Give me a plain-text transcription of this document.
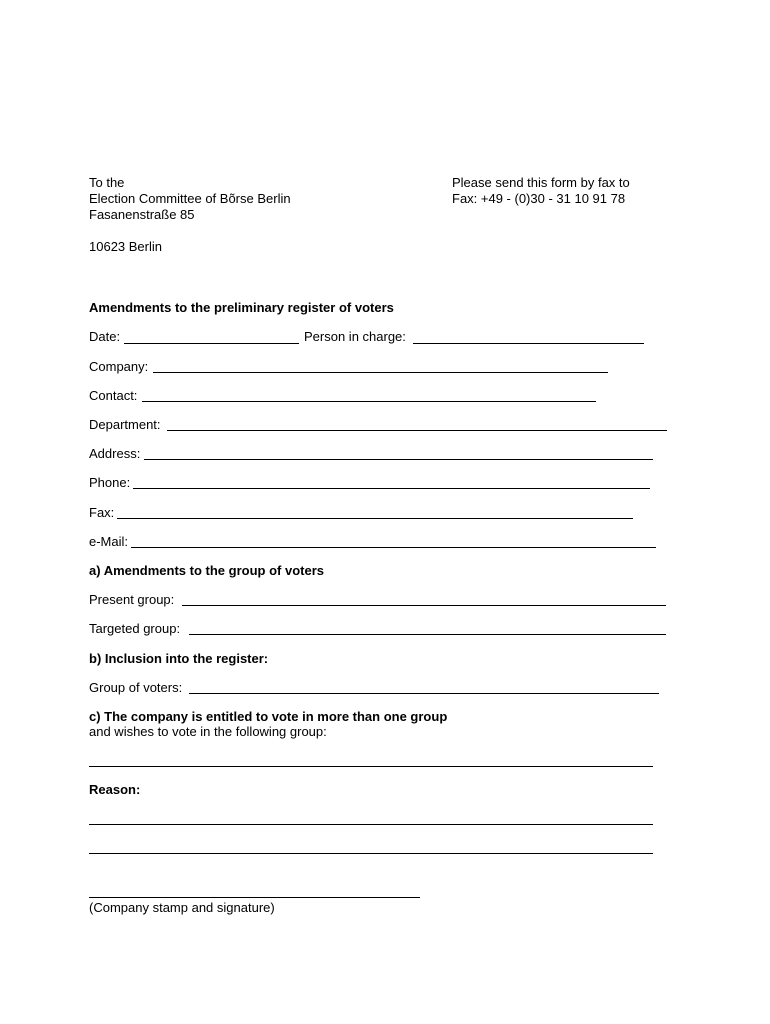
To the
Election Committee of Bõrse Berlin
Fasanenstraße 85
10623 Berlin
Please send this form by fax to
Fax: +49 - (0)30 - 31 10 91 78
Amendments to the preliminary register of voters
Date:	Person in charge:
Company:
Contact:
Department:
Address:
Phone:
Fax:
e-Mail:
a) Amendments to the group of voters
Present group:
Targeted group:
b) Inclusion into the register:
Group of voters:
c) The company is entitled to vote in more than one group
and wishes to vote in the following group:
Reason:
(Company stamp and signature)
